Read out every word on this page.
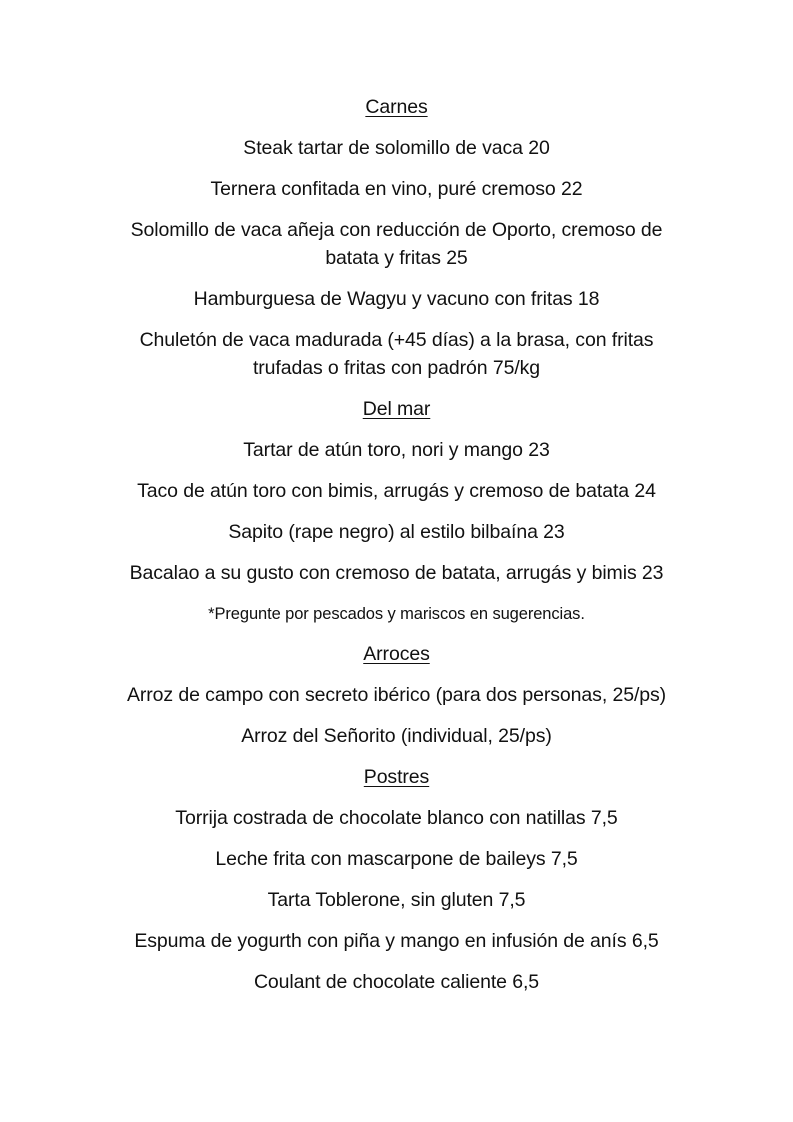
Carnes
Steak tartar de solomillo de vaca 20
Ternera confitada en vino, puré cremoso 22
Solomillo de vaca añeja con reducción de Oporto, cremoso de batata y fritas 25
Hamburguesa de Wagyu y vacuno con fritas 18
Chuletón de vaca madurada (+45 días) a la brasa, con fritas trufadas o fritas con padrón 75/kg
Del mar
Tartar de atún toro, nori y mango 23
Taco de atún toro con bimis, arrugás y cremoso de batata 24
Sapito (rape negro) al estilo bilbaína 23
Bacalao a su gusto con cremoso de batata, arrugás y bimis 23
*Pregunte por pescados y mariscos en sugerencias.
Arroces
Arroz de campo con secreto ibérico (para dos personas, 25/ps)
Arroz del Señorito (individual, 25/ps)
Postres
Torrija costrada de chocolate blanco con natillas 7,5
Leche frita con mascarpone de baileys 7,5
Tarta Toblerone, sin gluten 7,5
Espuma de yogurth con piña y mango en infusión de anís 6,5
Coulant de chocolate caliente 6,5
